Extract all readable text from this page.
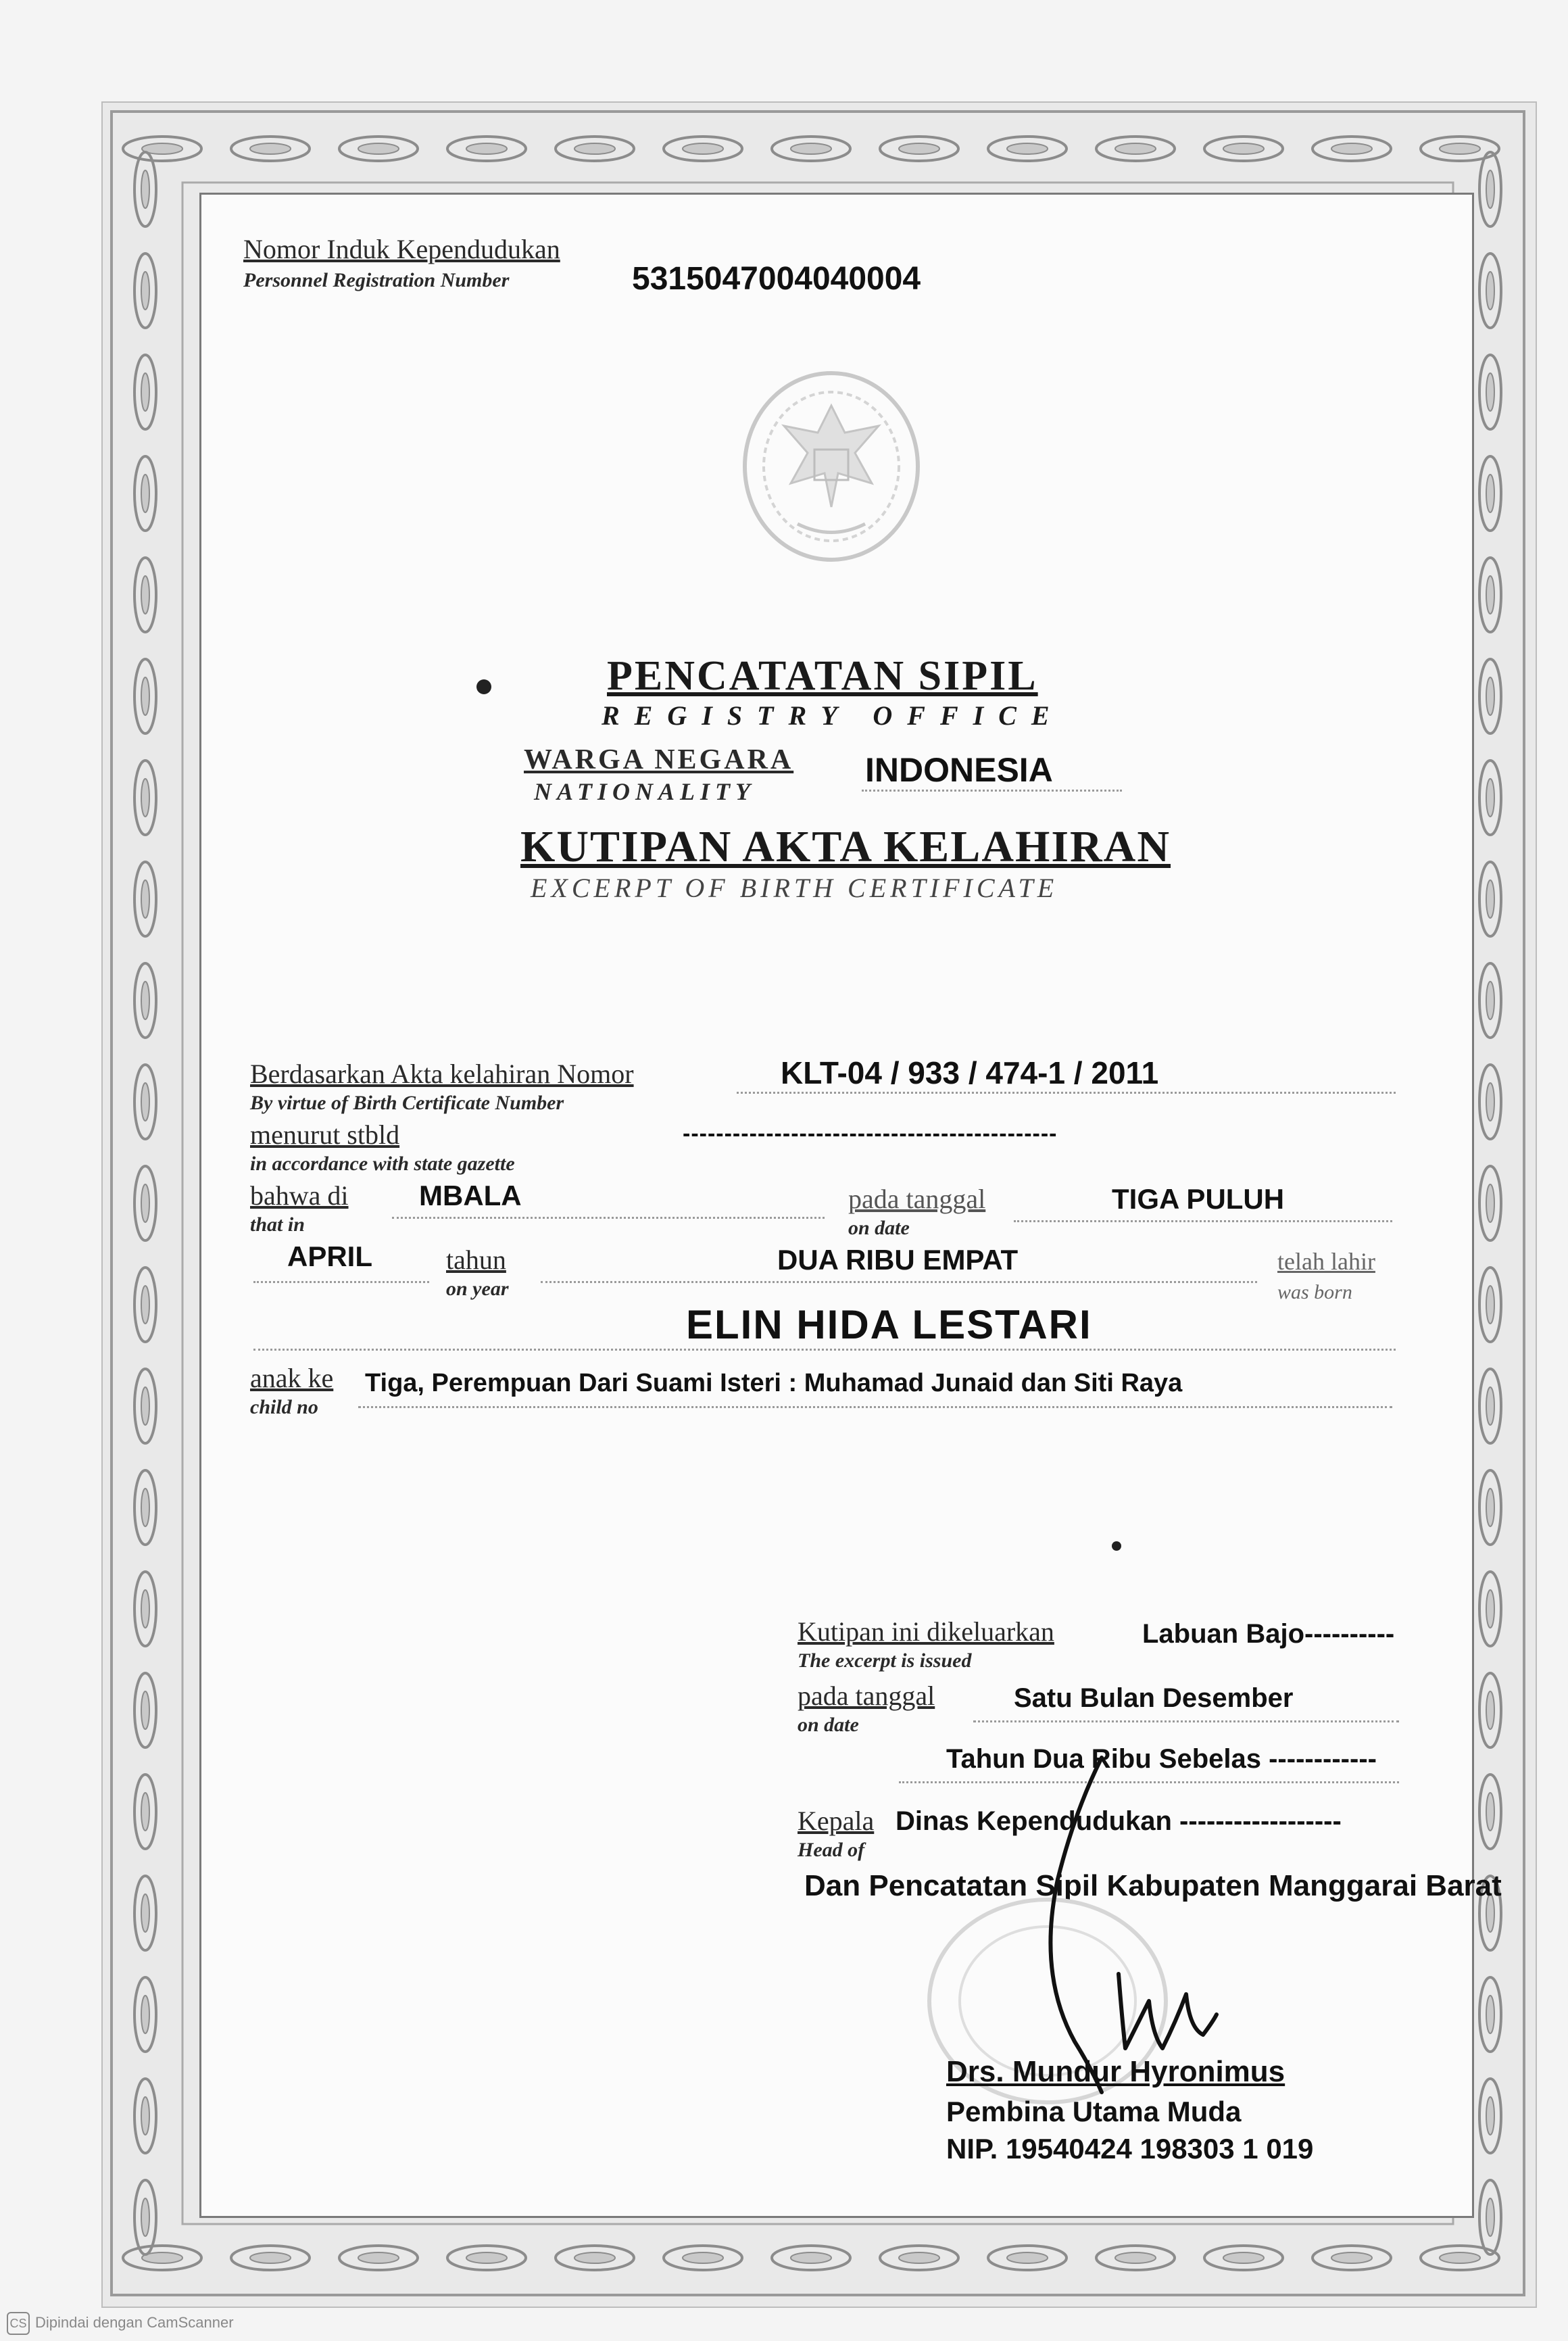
Nomor Induk Kependudukan
Personnel Registration Number	5315047004040004
PENCATATAN SIPIL
REGISTRY OFFICE
WARGA NEGARA
NATIONALITY
INDONESIA
KUTIPAN AKTA KELAHIRAN
EXCERPT OF BIRTH CERTIFICATE
Berdasarkan Akta kelahiran Nomor
By virtue of Birth Certificate Number
KLT-04 / 933 / 474-1 / 2011
menurut stbld
in accordance with state gazette
---------------------------------------------
bahwa di
that in
MBALA	pada tanggal
on date
TIGA PULUH
APRIL	tahun
on year
DUA RIBU EMPAT	telah lahir
was born
ELIN HIDA LESTARI
anak ke
child no
Tiga, Perempuan Dari Suami Isteri : Muhamad Junaid dan Siti Raya
Kutipan ini dikeluarkan
The excerpt is issued
Labuan Bajo----------
pada tanggal
on date
Satu Bulan Desember
Tahun Dua Ribu Sebelas ------------
Kepala
Head of
Dinas Kependudukan ------------------
Dan Pencatatan Sipil Kabupaten Manggarai Barat
Drs. Mundur Hyronimus
Pembina Utama Muda
NIP. 19540424 198303 1 019
CS Dipindai dengan CamScanner
